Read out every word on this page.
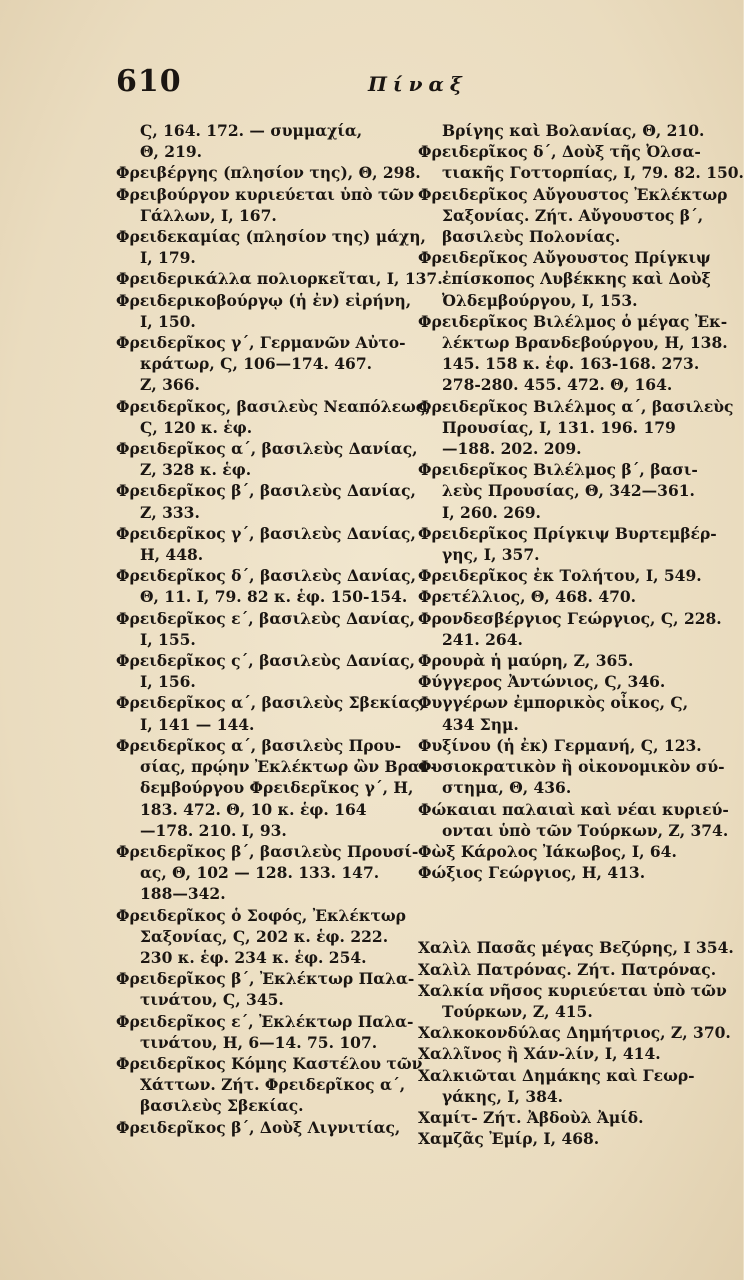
610	Πίναξ
Ϛ, 164. 172. — συμμαχία,
Θ, 219.
Φρειβέργης (πλησίον της), Θ, 298.
Φρειβούργον κυριεύεται ὑπὸ τῶν
Γάλλων, Ι, 167.
Φρειδεκαμίας (πλησίον της) μάχη,
Ι, 179.
Φρειδερικάλλα πολιορκεῖται, Ι, 137.
Φρειδερικοβούργῳ (ἡ ἐν) εἰρήνη,
Ι, 150.
Φρειδερῖκος γ΄, Γερμανῶν Αὐτο-
κράτωρ, Ϛ, 106—174. 467.
Ζ, 366.
Φρειδερῖκος, βασιλεὺς Νεαπόλεως,
Ϛ, 120 κ. ἑφ.
Φρειδερῖκος α΄, βασιλεὺς Δανίας,
Ζ, 328 κ. ἑφ.
Φρειδερῖκος β΄, βασιλεὺς Δανίας,
Ζ, 333.
Φρειδερῖκος γ΄, βασιλεὺς Δανίας,
Η, 448.
Φρειδερῖκος δ΄, βασιλεὺς Δανίας,
Θ, 11. Ι, 79. 82 κ. ἑφ. 150-154.
Φρειδερῖκος ε΄, βασιλεὺς Δανίας,
Ι, 155.
Φρειδερῖκος ς΄, βασιλεὺς Δανίας,
Ι, 156.
Φρειδερῖκος α΄, βασιλεὺς Σβεκίας,
Ι, 141 — 144.
Φρειδερῖκος α΄, βασιλεὺς Πρου-
σίας, πρῴην Ἐκλέκτωρ ὢν Βραν-
δεμβούργου Φρειδερῖκος γ΄, Η,
183. 472. Θ, 10 κ. ἑφ. 164
—178. 210. Ι, 93.
Φρειδερῖκος β΄, βασιλεὺς Προυσί-
ας, Θ, 102 — 128. 133. 147.
188—342.
Φρειδερῖκος ὁ Σοφός, Ἐκλέκτωρ
Σαξονίας, Ϛ, 202 κ. ἑφ. 222.
230 κ. ἑφ. 234 κ. ἑφ. 254.
Φρειδερῖκος β΄, Ἐκλέκτωρ Παλα-
τινάτου, Ϛ, 345.
Φρειδερῖκος ε΄, Ἐκλέκτωρ Παλα-
τινάτου, Η, 6—14. 75. 107.
Φρειδερῖκος Κόμης Καστέλου τῶν
Χάττων. Ζήτ. Φρειδερῖκος α΄,
βασιλεὺς Σβεκίας.
Φρειδερῖκος β΄, Δοὺξ Λιγνιτίας,
Βρίγης καὶ Βολανίας, Θ, 210.
Φρειδερῖκος δ΄, Δοὺξ τῆς Ὀλσα-
τιακῆς Γοττορπίας, Ι, 79. 82. 150.
Φρειδερῖκος Αὔγουστος Ἐκλέκτωρ
Σαξονίας. Ζήτ. Αὔγουστος β΄,
βασιλεὺς Πολονίας.
Φρειδερῖκος Αὔγουστος Πρίγκιψ
ἐπίσκοπος Λυβέκκης καὶ Δοὺξ
Ὀλδεμβούργου, Ι, 153.
Φρειδερῖκος Βιλέλμος ὁ μέγας Ἐκ-
λέκτωρ Βρανδεβούργου, Η, 138.
145. 158 κ. ἑφ. 163-168. 273.
278-280. 455. 472. Θ, 164.
Φρειδερῖκος Βιλέλμος α΄, βασιλεὺς
Προυσίας, Ι, 131. 196. 179
—188. 202. 209.
Φρειδερῖκος Βιλέλμος β΄, βασι-
λεὺς Προυσίας, Θ, 342—361.
Ι, 260. 269.
Φρειδερῖκος Πρίγκιψ Βυρτεμβέρ-
γης, Ι, 357.
Φρειδερῖκος ἐκ Τολήτου, Ι, 549.
Φρετέλλιος, Θ, 468. 470.
Φρονδεσβέργιος Γεώργιος, Ϛ, 228.
241. 264.
Φρουρὰ ἡ μαύρη, Ζ, 365.
Φύγγερος Ἀντώνιος, Ϛ, 346.
Φυγγέρων ἐμπορικὸς οἶκος, Ϛ,
434 Σημ.
Φυξίνου (ἡ ἐκ) Γερμανή, Ϛ, 123.
Φυσιοκρατικὸν ἢ οἰκονομικὸν σύ-
στημα, Θ, 436.
Φώκαιαι παλαιαὶ καὶ νέαι κυριεύ-
ονται ὑπὸ τῶν Τούρκων, Ζ, 374.
Φὼξ Κάρολος Ἰάκωβος, Ι, 64.
Φώξιος Γεώργιος, Η, 413.
Χαλὶλ Πασᾶς μέγας Βεζύρης, Ι 354.
Χαλὶλ Πατρόνας. Ζήτ. Πατρόνας.
Χαλκία νῆσος κυριεύεται ὑπὸ τῶν
Τούρκων, Ζ, 415.
Χαλκοκονδύλας Δημήτριος, Ζ, 370.
Χαλλῖνος ἢ Χάν-λίν, Ι, 414.
Χαλκιῶται Δημάκης καὶ Γεωρ-
γάκης, Ι, 384.
Χαμίτ- Ζήτ. Ἀβδοὺλ Ἀμίδ.
Χαμζᾶς Ἐμίρ, Ι, 468.
